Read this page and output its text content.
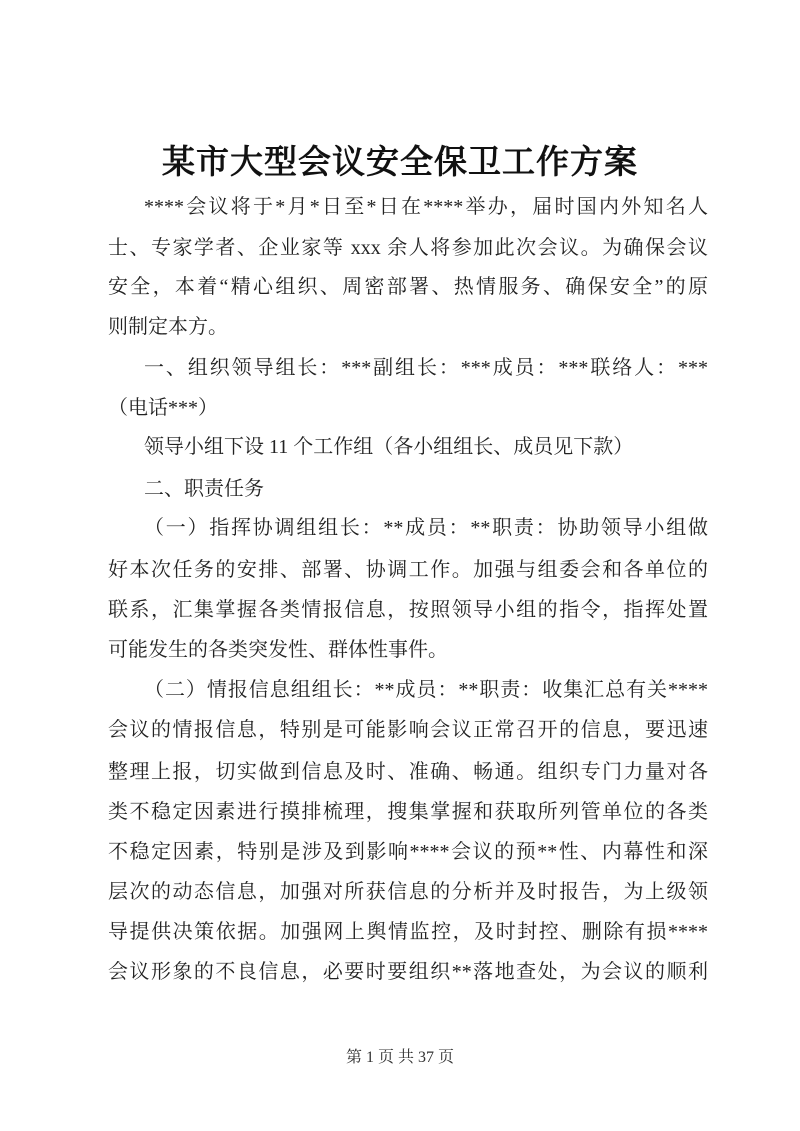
某市大型会议安全保卫工作方案
****会议将于*月*日至*日在****举办，届时国内外知名人
士、专家学者、企业家等 xxx 余人将参加此次会议。为确保会议
安全，本着“精心组织、周密部署、热情服务、确保安全”的原
则制定本方。
一、组织领导组长：***副组长：***成员：***联络人：***
（电话***）
领导小组下设 11 个工作组（各小组组长、成员见下款）
二、职责任务
（一）指挥协调组组长：**成员：**职责：协助领导小组做
好本次任务的安排、部署、协调工作。加强与组委会和各单位的
联系，汇集掌握各类情报信息，按照领导小组的指令，指挥处置
可能发生的各类突发性、群体性事件。
（二）情报信息组组长：**成员：**职责：收集汇总有关****
会议的情报信息，特别是可能影响会议正常召开的信息，要迅速
整理上报，切实做到信息及时、准确、畅通。组织专门力量对各
类不稳定因素进行摸排梳理，搜集掌握和获取所列管单位的各类
不稳定因素，特别是涉及到影响****会议的预**性、内幕性和深
层次的动态信息，加强对所获信息的分析并及时报告，为上级领
导提供决策依据。加强网上舆情监控，及时封控、删除有损****
会议形象的不良信息，必要时要组织**落地查处，为会议的顺利
第 1 页 共 37 页
